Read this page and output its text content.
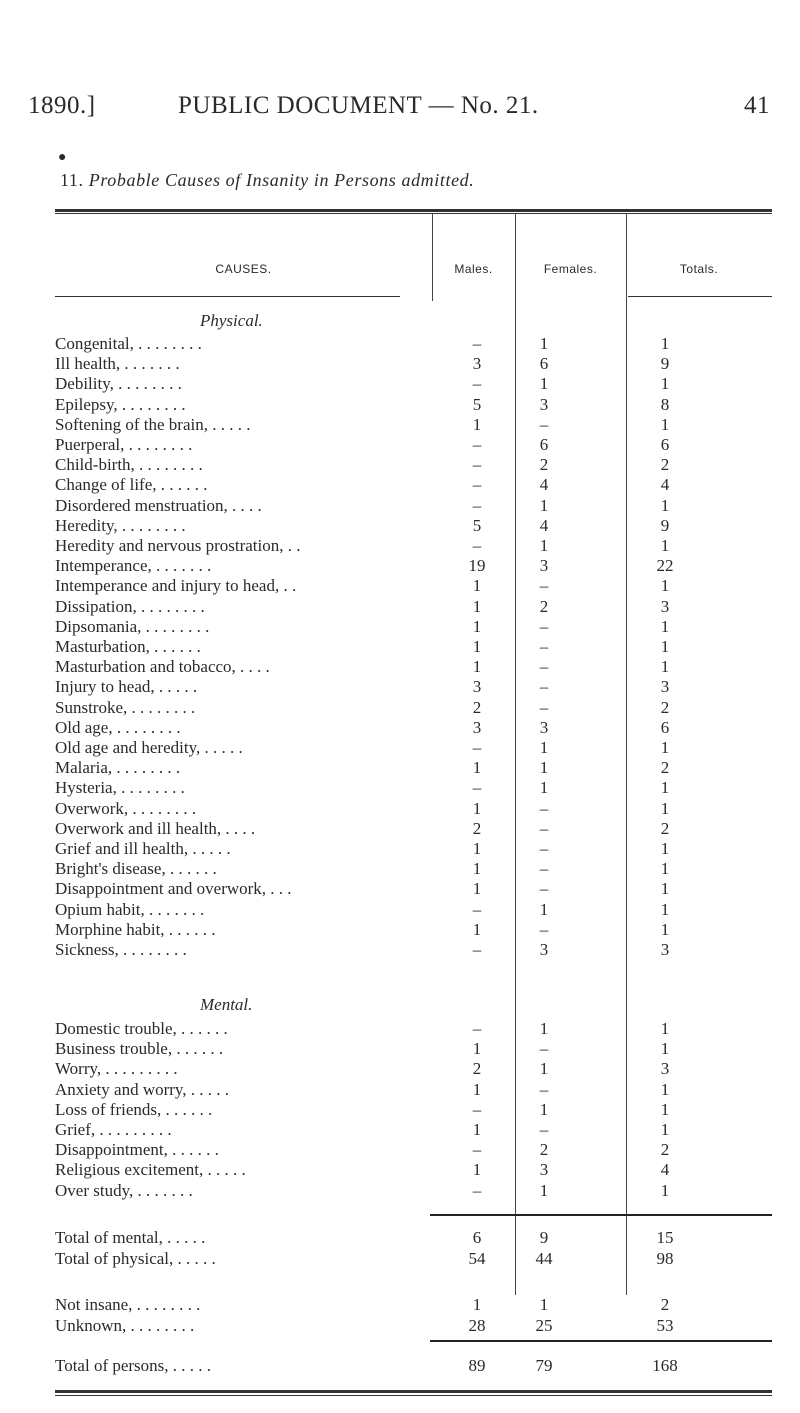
1890.]	PUBLIC DOCUMENT — No. 21.	41
●
11. Probable Causes of Insanity in Persons admitted.
CAUSES.	Males.	Females.	Totals.
Physical.
Congenital, . . . . . . . .	–	1	1
Ill health, . . . . . . .	3	6	9
Debility, . . . . . . . .	–	1	1
Epilepsy, . . . . . . . .	5	3	8
Softening of the brain, . . . . .	1	–	1
Puerperal, . . . . . . . .	–	6	6
Child-birth, . . . . . . . .	–	2	2
Change of life, . . . . . .	–	4	4
Disordered menstruation, . . . .	–	1	1
Heredity, . . . . . . . .	5	4	9
Heredity and nervous prostration, . .	–	1	1
Intemperance, . . . . . . .	19	3	22
Intemperance and injury to head, . .	1	–	1
Dissipation, . . . . . . . .	1	2	3
Dipsomania, . . . . . . . .	1	–	1
Masturbation, . . . . . .	1	–	1
Masturbation and tobacco, . . . .	1	–	1
Injury to head, . . . . .	3	–	3
Sunstroke, . . . . . . . .	2	–	2
Old age, . . . . . . . .	3	3	6
Old age and heredity, . . . . .	–	1	1
Malaria, . . . . . . . .	1	1	2
Hysteria, . . . . . . . .	–	1	1
Overwork, . . . . . . . .	1	–	1
Overwork and ill health, . . . .	2	–	2
Grief and ill health, . . . . .	1	–	1
Bright's disease, . . . . . .	1	–	1
Disappointment and overwork, . . .	1	–	1
Opium habit, . . . . . . .	–	1	1
Morphine habit, . . . . . .	1	–	1
Sickness, . . . . . . . .	–	3	3
Mental.
Domestic trouble, . . . . . .	–	1	1
Business trouble, . . . . . .	1	–	1
Worry, . . . . . . . . .	2	1	3
Anxiety and worry, . . . . .	1	–	1
Loss of friends, . . . . . .	–	1	1
Grief, . . . . . . . . .	1	–	1
Disappointment, . . . . . .	–	2	2
Religious excitement, . . . . .	1	3	4
Over study, . . . . . . .	–	1	1
Total of mental, . . . . .	6	9	15
Total of physical, . . . . .	54	44	98
Not insane, . . . . . . . .	1	1	2
Unknown, . . . . . . . .	28	25	53
Total of persons, . . . . .	89	79	168
